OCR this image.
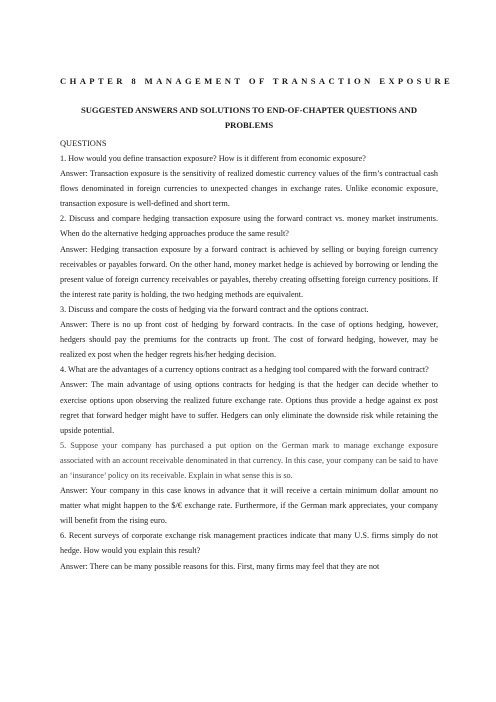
CHAPTER 8 MANAGEMENT OF TRANSACTION EXPOSURE
SUGGESTED ANSWERS AND SOLUTIONS TO END-OF-CHAPTER QUESTIONS AND PROBLEMS
QUESTIONS

1. How would you define transaction exposure? How is it different from economic exposure?

Answer: Transaction exposure is the sensitivity of realized domestic currency values of the firm’s contractual cash flows denominated in foreign currencies to unexpected changes in exchange rates. Unlike economic exposure, transaction exposure is well-defined and short term.

2. Discuss and compare hedging transaction exposure using the forward contract vs. money market instruments. When do the alternative hedging approaches produce the same result?

Answer: Hedging transaction exposure by a forward contract is achieved by selling or buying foreign currency receivables or payables forward. On the other hand, money market hedge is achieved by borrowing or lending the present value of foreign currency receivables or payables, thereby creating offsetting foreign currency positions. If the interest rate parity is holding, the two hedging methods are equivalent.

3. Discuss and compare the costs of hedging via the forward contract and the options contract.

Answer: There is no up front cost of hedging by forward contracts. In the case of options hedging, however, hedgers should pay the premiums for the contracts up front. The cost of forward hedging, however, may be realized ex post when the hedger regrets his/her hedging decision.

4. What are the advantages of a currency options contract as a hedging tool compared with the forward contract?

Answer: The main advantage of using options contracts for hedging is that the hedger can decide whether to exercise options upon observing the realized future exchange rate. Options thus provide a hedge against ex post regret that forward hedger might have to suffer. Hedgers can only eliminate the downside risk while retaining the upside potential.

5. Suppose your company has purchased a put option on the German mark to manage exchange exposure associated with an account receivable denominated in that currency. In this case, your company can be said to have an ‘insurance’ policy on its receivable. Explain in what sense this is so.

Answer: Your company in this case knows in advance that it will receive a certain minimum dollar amount no matter what might happen to the $/€ exchange rate. Furthermore, if the German mark appreciates, your company will benefit from the rising euro.

6. Recent surveys of corporate exchange risk management practices indicate that many U.S. firms simply do not hedge. How would you explain this result?

Answer: There can be many possible reasons for this. First, many firms may feel that they are not
